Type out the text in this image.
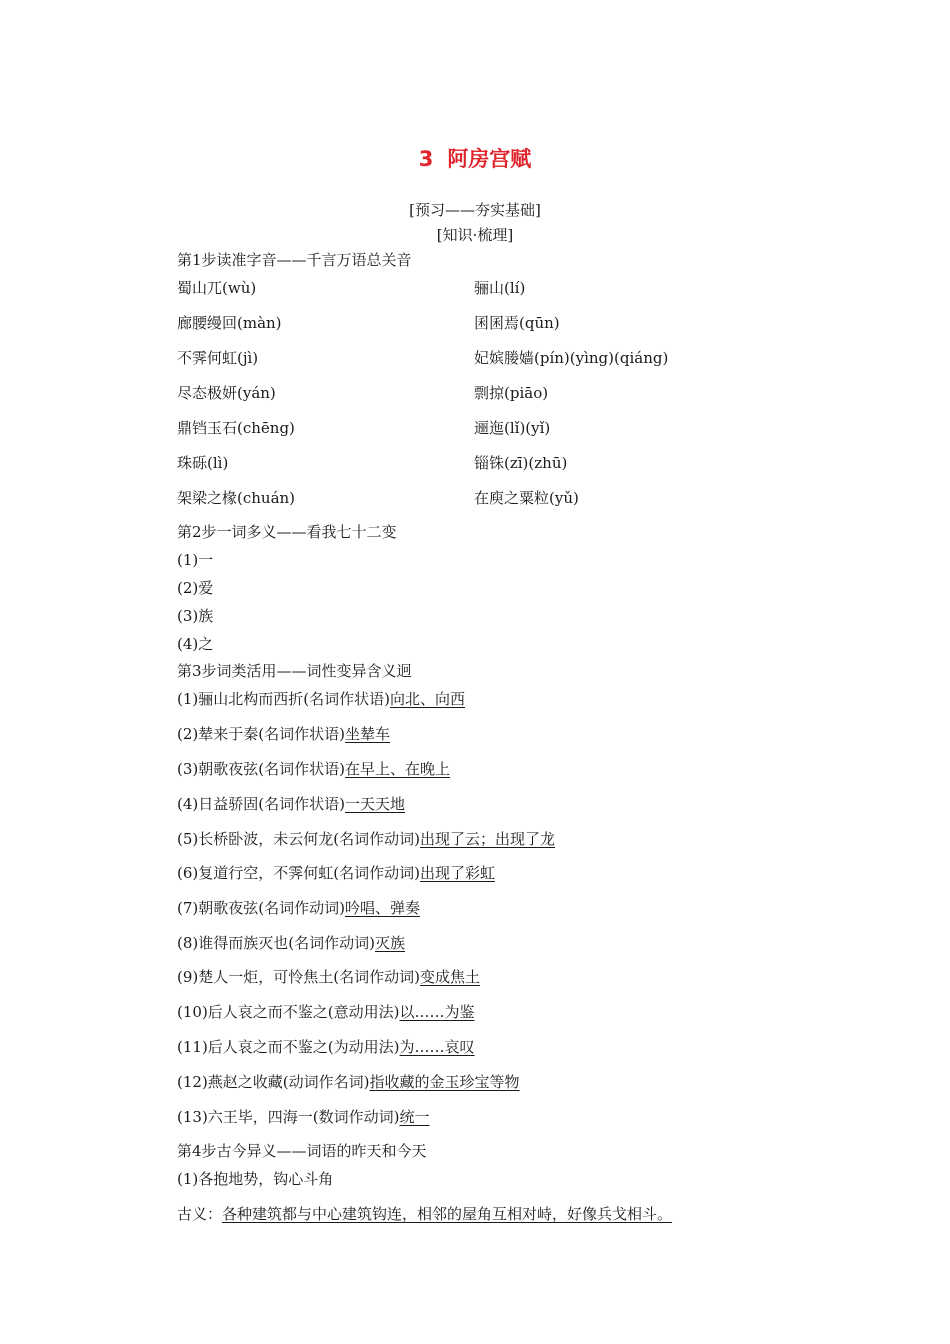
3 阿房宫赋
[预习——夯实基础]
[知识·梳理]
第1步读准字音——千言万语总关音
蜀山兀(wù)	骊山(lí)
廊腰缦回(màn)	囷囷焉(qūn)
不霁何虹(jì)	妃嫔媵嫱(pín)(yìng)(qiáng)
尽态极妍(yán)	剽掠(piāo)
鼎铛玉石(chēng)	逦迤(lǐ)(yǐ)
珠砾(lì)	锱铢(zī)(zhū)
架梁之椽(chuán)	在庾之粟粒(yǔ)
第2步一词多义——看我七十二变
(1)一
(2)爱
(3)族
(4)之
第3步词类活用——词性变异含义迥
(1)骊山北构而西折(名词作状语)向北、向西
(2)辇来于秦(名词作状语)坐辇车
(3)朝歌夜弦(名词作状语)在早上、在晚上
(4)日益骄固(名词作状语)一天天地
(5)长桥卧波，未云何龙(名词作动词)出现了云；出现了龙
(6)复道行空，不霁何虹(名词作动词)出现了彩虹
(7)朝歌夜弦(名词作动词)吟唱、弹奏
(8)谁得而族灭也(名词作动词)灭族
(9)楚人一炬，可怜焦土(名词作动词)变成焦土
(10)后人哀之而不鉴之(意动用法)以……为鉴
(11)后人哀之而不鉴之(为动用法)为……哀叹
(12)燕赵之收藏(动词作名词)指收藏的金玉珍宝等物
(13)六王毕，四海一(数词作动词)统一
第4步古今异义——词语的昨天和今天
(1)各抱地势，钩心斗角
古义：各种建筑都与中心建筑钩连，相邻的屋角互相对峙，好像兵戈相斗。
